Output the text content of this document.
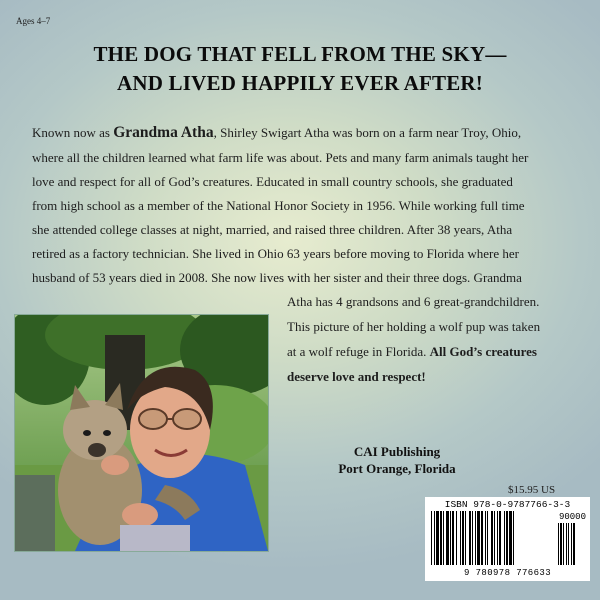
Ages 4–7
THE DOG THAT FELL FROM THE SKY—
AND LIVED HAPPILY EVER AFTER!
Known now as Grandma Atha, Shirley Swigart Atha was born on a farm near Troy, Ohio,
where all the children learned what farm life was about. Pets and many farm animals taught her
love and respect for all of God’s creatures. Educated in small country schools, she graduated
from high school as a member of the National Honor Society in 1956. While working full time
she attended college classes at night, married, and raised three children. After 38 years, Atha
retired as a factory technician. She lived in Ohio 63 years before moving to Florida where her
husband of 53 years died in 2008. She now lives with her sister and their three dogs. Grandma
Atha has 4 grandsons and 6 great-grandchildren.
This picture of her holding a wolf pup was taken
at a wolf refuge in Florida. All God’s creatures
deserve love and respect!
CAI Publishing
Port Orange, Florida
$15.95 US
ISBN 978-0-9787766-3-3
9 780978 776633
90000
